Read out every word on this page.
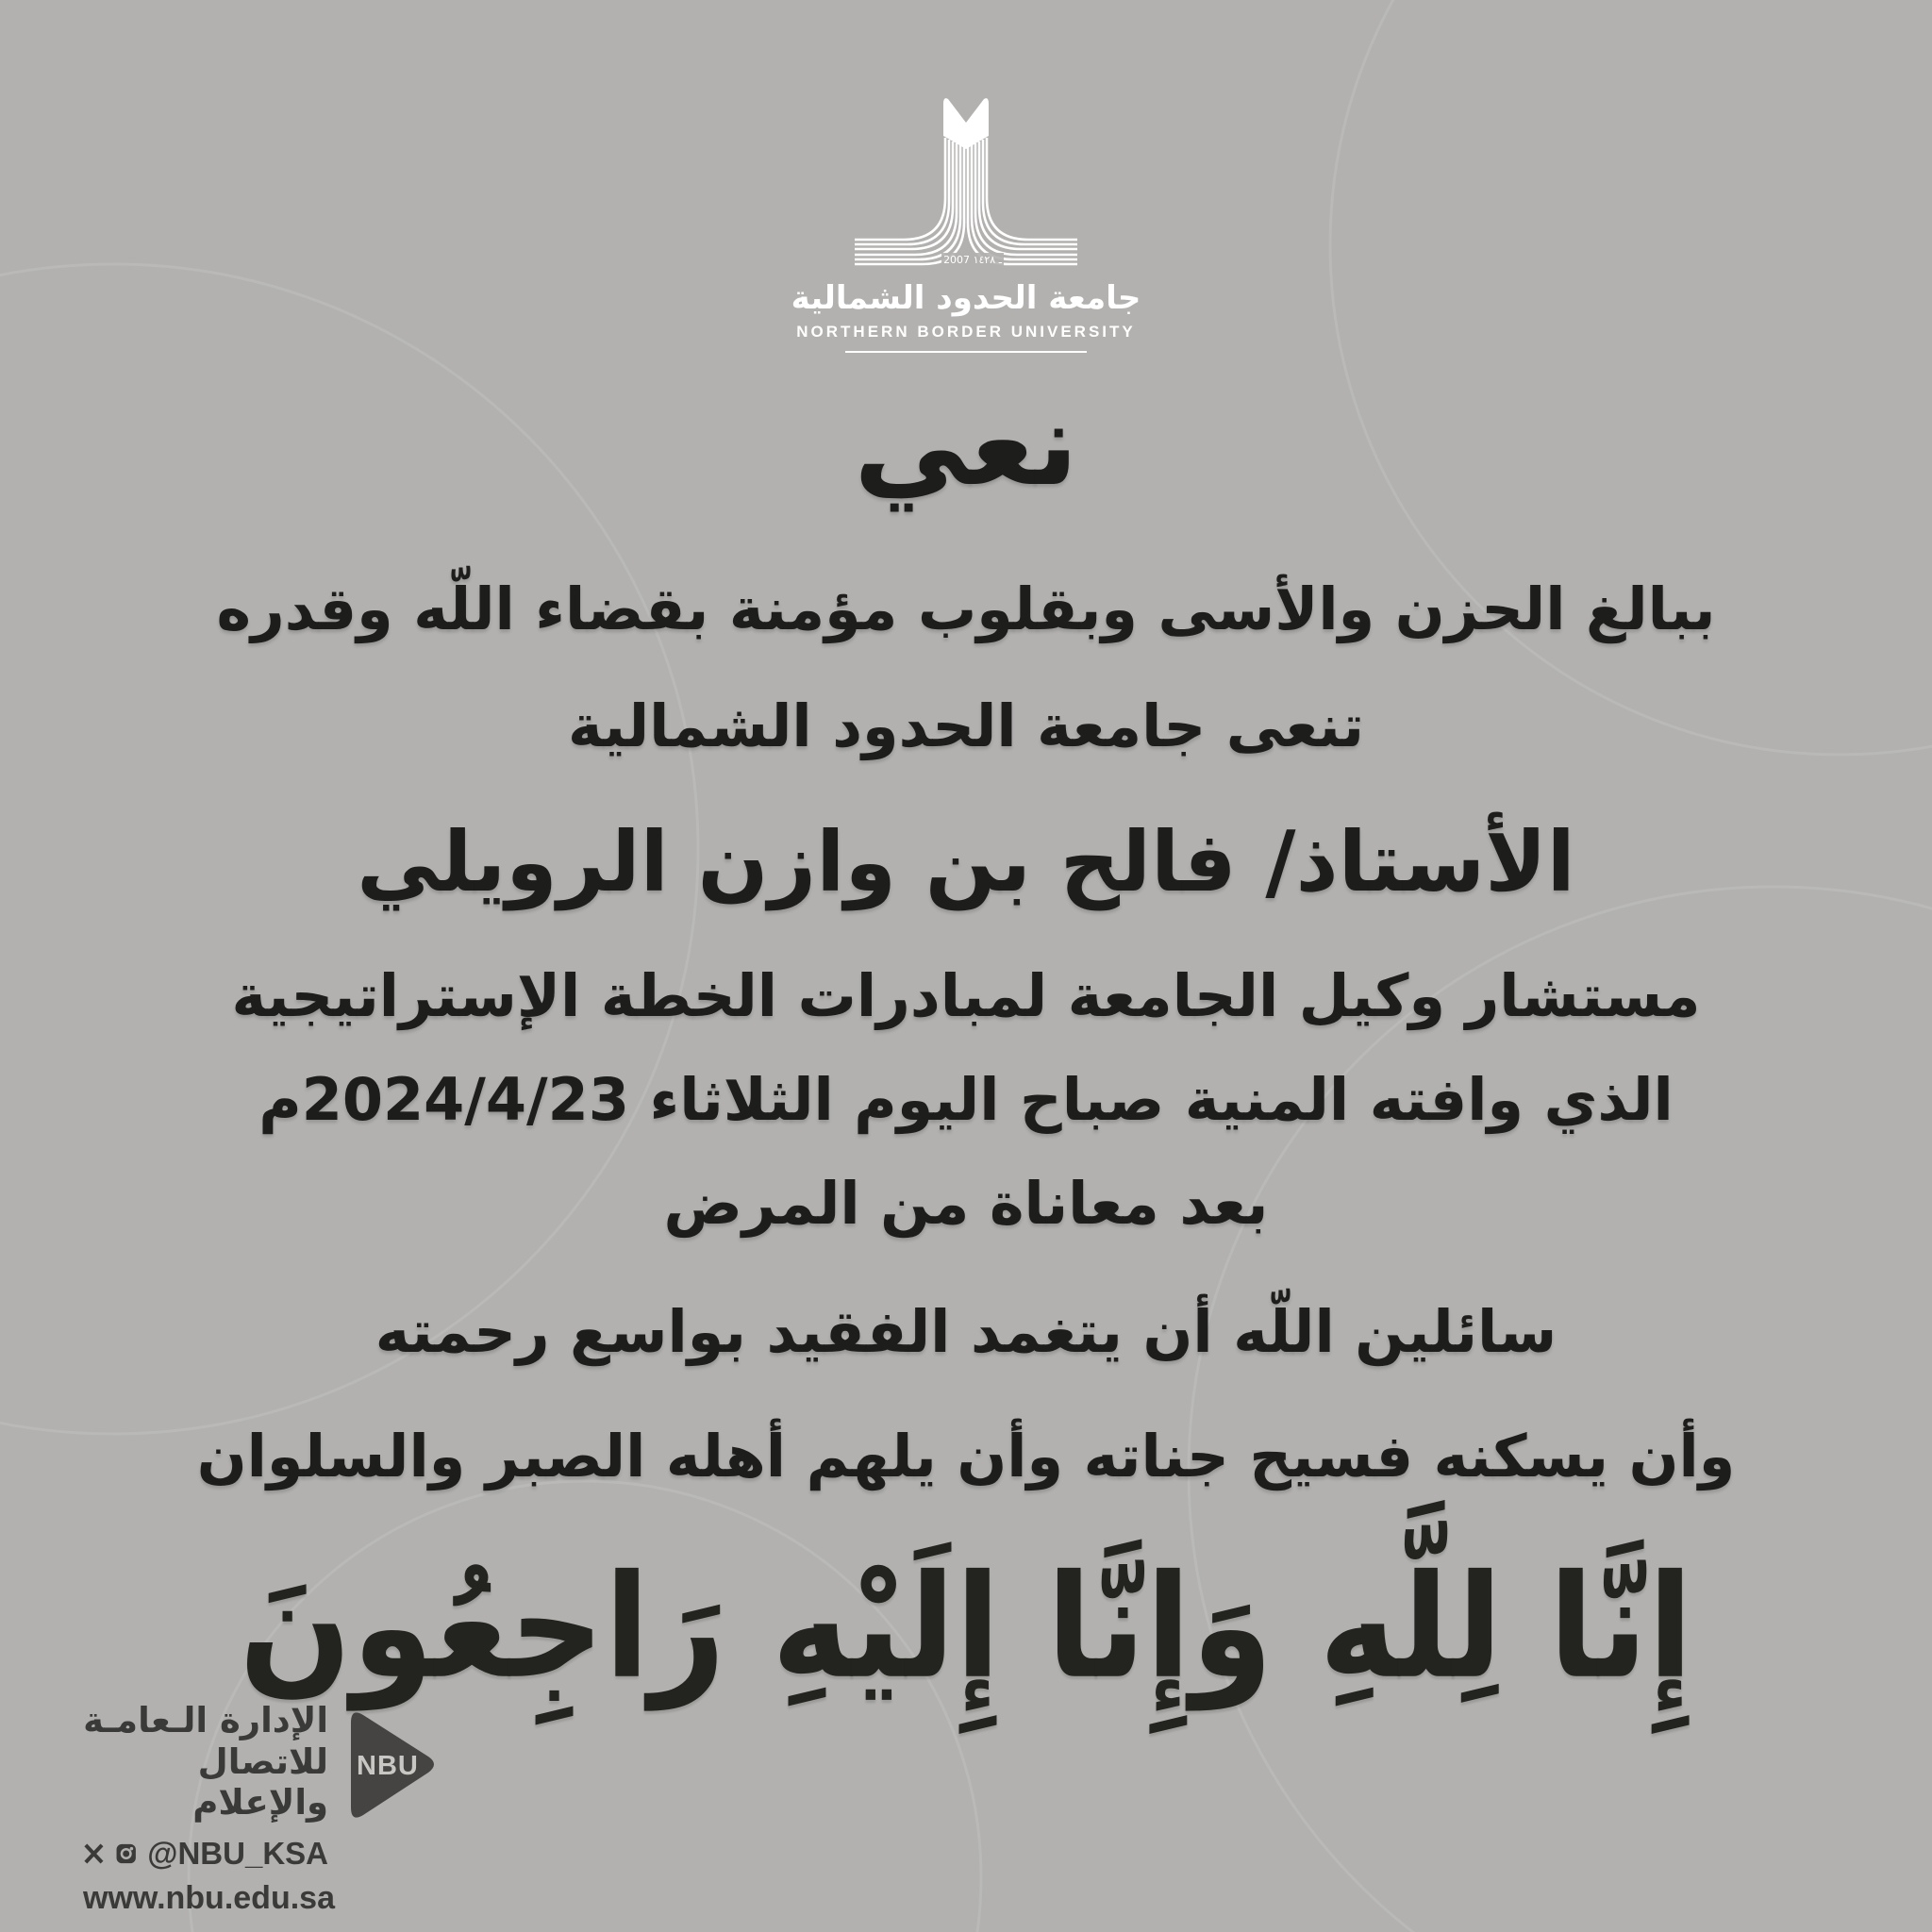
2007 ـ ١٤٢٨
جامعة الحدود الشمالية
NORTHERN BORDER UNIVERSITY
نعي
ببالغ الحزن والأسى وبقلوب مؤمنة بقضاء اللّه وقدره
تنعى جامعة الحدود الشمالية
الأستاذ/ فالح بن وازن الرويلي
مستشار وكيل الجامعة لمبادرات الخطة الإستراتيجية
الذي وافته المنية صباح اليوم الثلاثاء 2024/4/23م
بعد معاناة من المرض
سائلين اللّه أن يتغمد الفقيد بواسع رحمته
وأن يسكنه فسيح جناته وأن يلهم أهله الصبر والسلوان
إِنَّا لِلَّهِ وَإِنَّا إِلَيْهِ رَاجِعُونَ
الإدارة الـعامـة
للاتصال والإعلام
@NBU_KSA
www.nbu.edu.sa
NBU
